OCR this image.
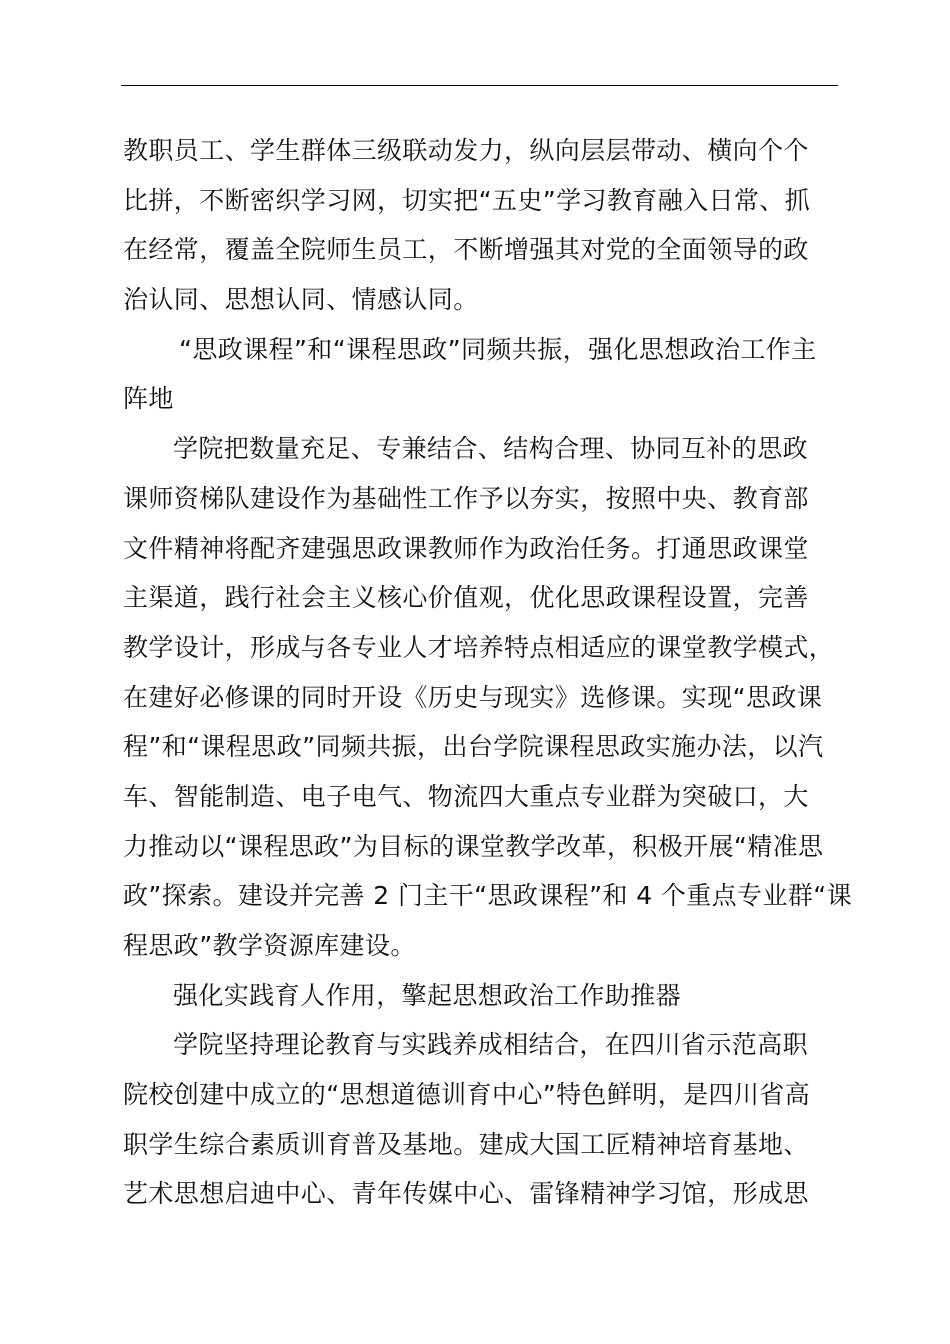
教职员工、学生群体三级联动发力，纵向层层带动、横向个个
比拼，不断密织学习网，切实把“五史”学习教育融入日常、抓
在经常，覆盖全院师生员工，不断增强其对党的全面领导的政
治认同、思想认同、情感认同。
“思政课程”和“课程思政”同频共振，强化思想政治工作主
阵地
学院把数量充足、专兼结合、结构合理、协同互补的思政
课师资梯队建设作为基础性工作予以夯实，按照中央、教育部
文件精神将配齐建强思政课教师作为政治任务。打通思政课堂
主渠道，践行社会主义核心价值观，优化思政课程设置，完善
教学设计，形成与各专业人才培养特点相适应的课堂教学模式，
在建好必修课的同时开设《历史与现实》选修课。实现“思政课
程”和“课程思政”同频共振，出台学院课程思政实施办法，以汽
车、智能制造、电子电气、物流四大重点专业群为突破口，大
力推动以“课程思政”为目标的课堂教学改革，积极开展“精准思
政”探索。建设并完善 2 门主干“思政课程”和 4 个重点专业群“课
程思政”教学资源库建设。
强化实践育人作用，擎起思想政治工作助推器
学院坚持理论教育与实践养成相结合，在四川省示范高职
院校创建中成立的“思想道德训育中心”特色鲜明，是四川省高
职学生综合素质训育普及基地。建成大国工匠精神培育基地、
艺术思想启迪中心、青年传媒中心、雷锋精神学习馆，形成思
